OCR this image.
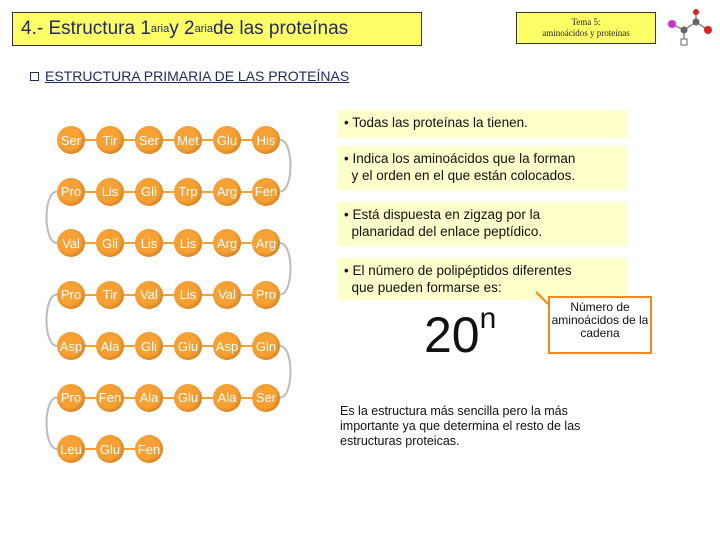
4.- Estructura 1 aria y 2 aria de las proteínas	Tema 5:
aminoácidos y proteínas
ESTRUCTURA PRIMARIA DE LAS PROTEÍNAS
Ser	Tir	Ser Met Glu	His
Pro	Lis	Gli	Trp	Arg Fen
Val	Gli	Lis	Lis	Arg Arg
Pro	Tir	Val	Lis	Val	Pro
Asp	Ala	Gli	Glu Asp Gln
Pro Fen	Ala	Glu	Ala	Ser
Leu Glu Fen
• Todas las proteínas la tienen.
• Indica los aminoácidos que la forman
y el orden en el que están colocados.
• Está dispuesta en zigzag por la
planaridad del enlace peptídico.
• El número de polipéptidos diferentes
que pueden formarse es:
20$^n$	Número de aminoácidos de la cadena
Es la estructura más sencilla pero la más importante ya que determina el resto de las estructuras proteicas.
